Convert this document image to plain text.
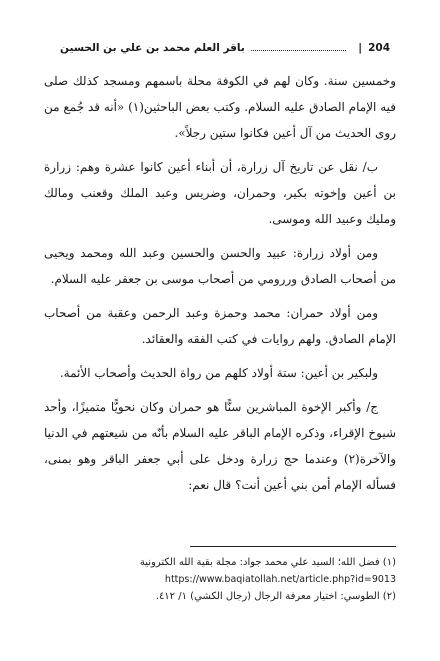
204
|
باقر العلم محمد بن علي بن الحسين

وخمسين سنة. وكان لهم في الكوفة محلة باسمهم ومسجد كذلك صلى فيه الإمام الصادق عليه السلام. وكتب بعض الباحثين(١) «أنه قد جُمع من روى الحديث من آل أعين فكانوا ستين رجلاً».

ب/ نقل عن تاريخ آل زرارة، أن أبناء أعين كانوا عشرة وهم: زرارة بن أعين وإخوته بكير، وحمران، وضريس وعبد الملك وقعنب ومالك ومليك وعبيد الله وموسى.

ومن أولاد زرارة: عبيد والحسن والحسين وعبد الله ومحمد ويحيى من أصحاب الصادق وررومي من أصحاب موسى بن جعفر عليه السلام.

ومن أولاد حمران: محمد وحمزة وعبد الرحمن وعقبة من أصحاب الإمام الصادق. ولهم روايات في كتب الفقه والعقائد.

ولبكير بن أعين: ستة أولاد كلهم من رواة الحديث وأصحاب الأئمة.

ج/ وأكبر الإخوة المباشرين سنًّا هو حمران وكان نحويًّا متميزًا، وأحد شيوخ الإقراء، وذكره الإمام الباقر عليه السلام بأنّه من شيعتهم في الدنيا والآخرة(٢) وعندما حج زرارة ودخل على أبي جعفر الباقر وهو بمنى، فسأله الإمام أمن بني أعين أنت؟ قال نعم:

(١) فضل الله؛ السيد علي محمد جواد: مجلة بقية الله الكترونية

https://www.baqiatollah.net/article.php?id=9013

(٢) الطوسي: اختيار معرفة الرجال (رجال الكشي) ١/ ٤١٢.
